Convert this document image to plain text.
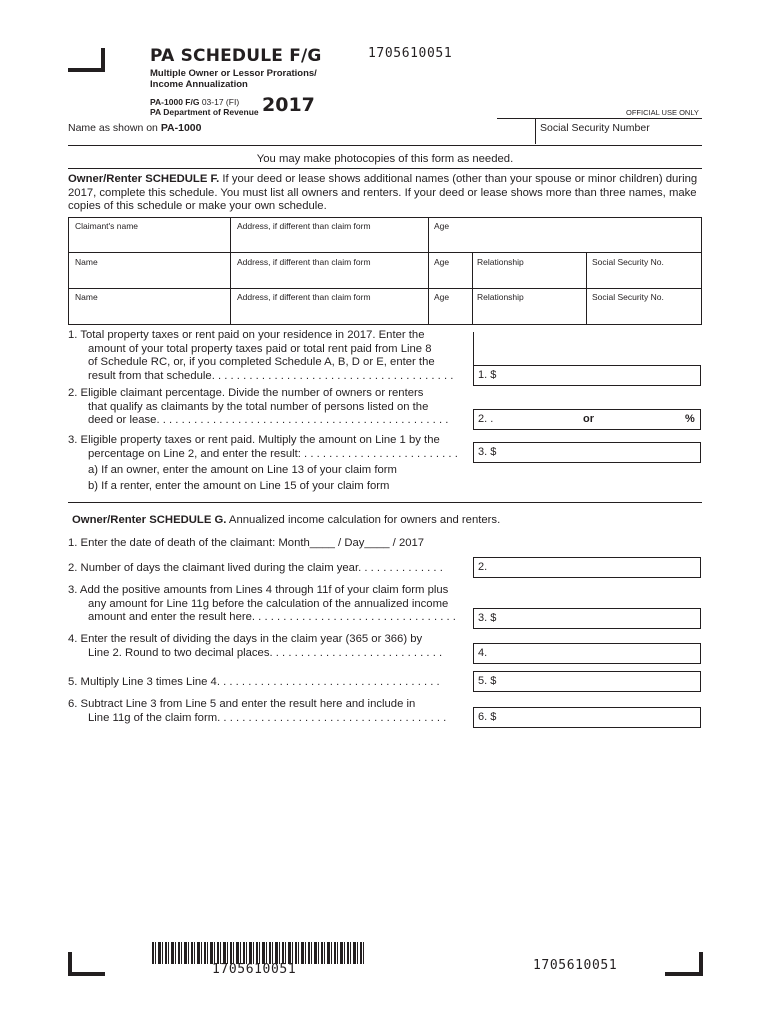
PA SCHEDULE F/G	1705610051
Multiple Owner or Lessor Prorations/
Income Annualization
PA-1000 F/G 03-17 (FI)
PA Department of Revenue 2017	OFFICIAL USE ONLY
Name as shown on PA-1000	Social Security Number
You may make photocopies of this form as needed.
Owner/Renter SCHEDULE F. If your deed or lease shows additional names (other than your spouse or minor children) during 2017, complete this schedule. You must list all owners and renters. If your deed or lease shows more than three names, make copies of this schedule or make your own schedule.
Claimant's name	Address, if different than claim form	Age
Name	Address, if different than claim form	Age	Relationship	Social Security No.
Name	Address, if different than claim form	Age	Relationship	Social Security No.
1. Total property taxes or rent paid on your residence in 2017. Enter the
amount of your total property taxes paid or total rent paid from Line 8
of Schedule RC, or, if you completed Schedule A, B, D or E, enter the
result from that schedule. . . . . . . . . . . . . . . . . . . . . . . . . . . . . . . . . . . . . . .	1. $
2. Eligible claimant percentage. Divide the number of owners or renters
that qualify as claimants by the total number of persons listed on the
deed or lease. . . . . . . . . . . . . . . . . . . . . . . . . . . . . . . . . . . . . . . . . . . . . . .	2. .	or	%
3. Eligible property taxes or rent paid. Multiply the amount on Line 1 by the
percentage on Line 2, and enter the result: . . . . . . . . . . . . . . . . . . . . . . . . .
a) If an owner, enter the amount on Line 13 of your claim form
b) If a renter, enter the amount on Line 15 of your claim form
3. $
Owner/Renter SCHEDULE G. Annualized income calculation for owners and renters.
1. Enter the date of death of the claimant: Month____ / Day____ / 2017
2. Number of days the claimant lived during the claim year. . . . . . . . . . . . . .	2.
3. Add the positive amounts from Lines 4 through 11f of your claim form plus
any amount for Line 11g before the calculation of the annualized income
amount and enter the result here. . . . . . . . . . . . . . . . . . . . . . . . . . . . . . . . .	3. $
4. Enter the result of dividing the days in the claim year (365 or 366) by
Line 2. Round to two decimal places. . . . . . . . . . . . . . . . . . . . . . . . . . . .	4.
5. Multiply Line 3 times Line 4. . . . . . . . . . . . . . . . . . . . . . . . . . . . . . . . . . . .	5. $
6. Subtract Line 3 from Line 5 and enter the result here and include in
Line 11g of the claim form. . . . . . . . . . . . . . . . . . . . . . . . . . . . . . . . . . . . .	6. $
1705610051	1705610051
